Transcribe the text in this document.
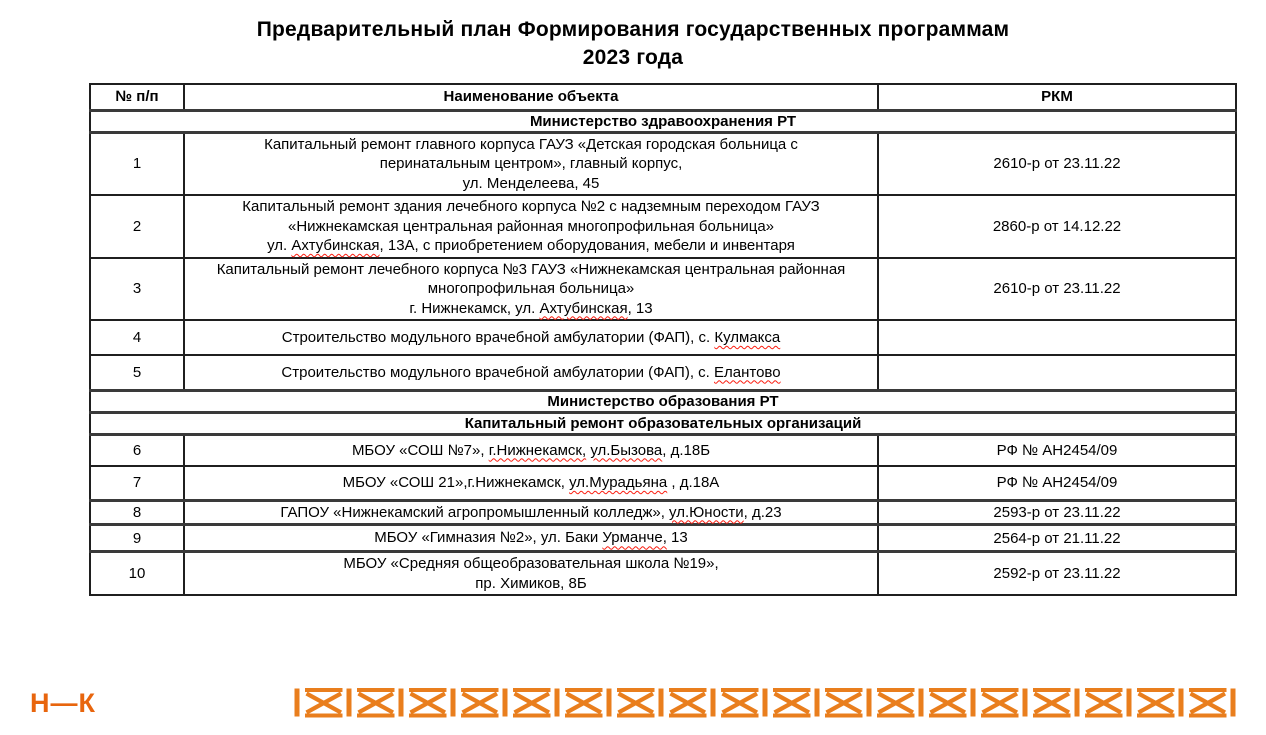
Предварительный план Формирования государственных программам
2023 года
№ п/п	Наименование объекта	РКМ
Министерство здравоохранения РТ		
1	Капитальный ремонт главного корпуса ГАУЗ «Детская городская больница с
перинатальным центром», главный корпус,
ул. Менделеева, 45	2610-р от 23.11.22
2	Капитальный ремонт здания лечебного корпуса №2 с надземным переходом ГАУЗ
«Нижнекамская центральная районная многопрофильная больница»
ул. Ахтубинская, 13А, с приобретением оборудования, мебели и инвентаря	2860-р от 14.12.22
3	Капитальный ремонт лечебного корпуса №3 ГАУЗ «Нижнекамская центральная районная
многопрофильная больница»
г. Нижнекамск, ул. Ахтубинская, 13	2610-р от 23.11.22
4	Строительство модульного врачебной амбулатории (ФАП), с. Кулмакса	

5	Строительство модульного врачебной амбулатории (ФАП), с. Елантово	

Министерство образования РТ		
Капитальный ремонт образовательных организаций		
6	МБОУ «СОШ №7», г.Нижнекамск, ул.Бызова, д.18Б	РФ № АН2454/09
7	МБОУ «СОШ 21»,г.Нижнекамск, ул.Мурадьяна , д.18А	РФ № АН2454/09
8	ГАПОУ «Нижнекамский агропромышленный колледж», ул.Юности, д.23	2593-р от 23.11.22
9	МБОУ «Гимназия №2», ул. Баки Урманче, 13	2564-р от 21.11.22
10	МБОУ «Средняя общеобразовательная школа №19»,
пр. Химиков, 8Б	2592-р от 23.11.22
Н—К
